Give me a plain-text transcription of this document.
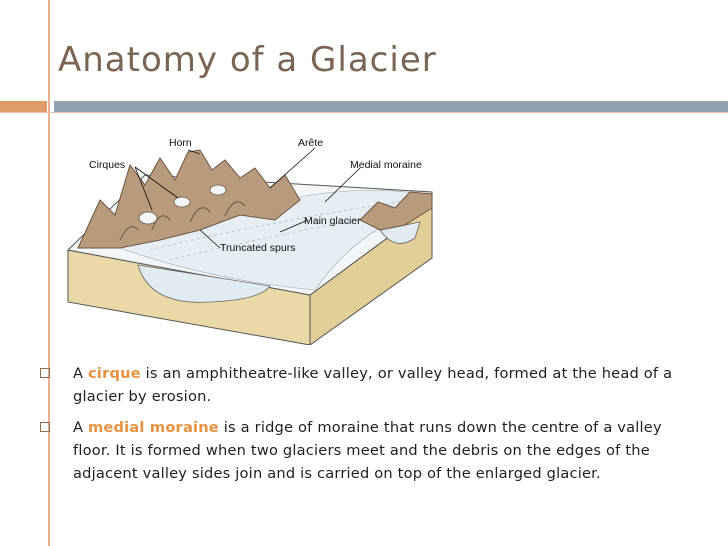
Anatomy of a Glacier
Horn	Arête
Cirques	Medial moraine
Main glacier
Truncated spurs
A cirque is an amphitheatre-like valley, or valley head, formed at the head of a glacier by erosion.
A medial moraine is a ridge of moraine that runs down the centre of a valley floor. It is formed when two glaciers meet and the debris on the edges of the adjacent valley sides join and is carried on top of the enlarged glacier.
